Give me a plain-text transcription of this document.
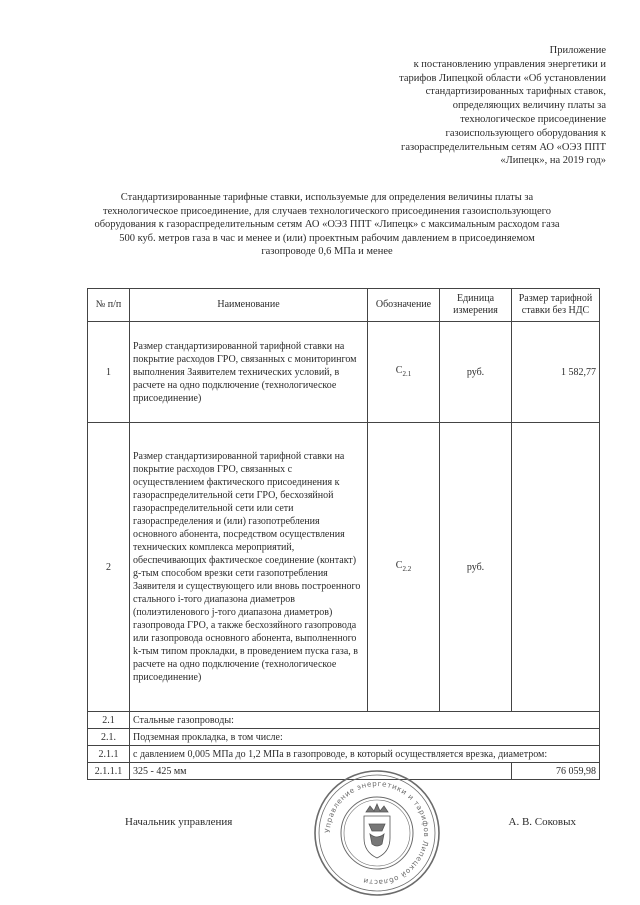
Приложение
к постановлению управления энергетики и
тарифов Липецкой области «Об установлении
стандартизированных тарифных ставок,
определяющих величину платы за
технологическое присоединение
газоиспользующего оборудования к
газораспределительным сетям АО «ОЭЗ ППТ
«Липецк», на 2019 год»
Стандартизированные тарифные ставки, используемые для определения величины платы за технологическое присоединение, для случаев технологического присоединения газоиспользующего оборудования к газораспределительным сетям АО «ОЭЗ ППТ «Липецк» с максимальным расходом газа 500 куб. метров газа в час и менее и (или) проектным рабочим давлением в присоединяемом газопроводе 0,6 МПа и менее
№ п/п	Наименование	Обозначение	Единица измерения	Размер тарифной ставки без НДС
1	Размер стандартизированной тарифной ставки на покрытие расходов ГРО, связанных с мониторингом выполнения Заявителем технических условий, в расчете на одно подключение (технологическое присоединение)	$С_{2.1}$	руб.	1 582,77
2	Размер стандартизированной тарифной ставки на покрытие расходов ГРО, связанных с осуществлением фактического присоединения к газораспределительной сети ГРО, бесхозяйной газораспределительной сети или сети газораспределения и (или) газопотребления основного абонента, посредством осуществления технических комплекса мероприятий, обеспечивающих фактическое соединение (контакт) g-тым способом врезки сети газопотребления Заявителя и существующего или вновь построенного стального i-того диапазона диаметров (полиэтиленового j-того диапазона диаметров) газопровода ГРО, а также бесхозяйного газопровода или газопровода основного абонента, выполненного k-тым типом прокладки, в проведением пуска газа, в расчете на одно подключение (технологическое присоединение)	$С_{2.2}$	руб.	
2.1	Стальные газопроводы:			
2.1.	Подземная прокладка, в том числе:			
2.1.1	с давлением 0,005 МПа до 1,2 МПа в газопроводе, в который осуществляется врезка, диаметром:			
2.1.1.1	325 - 425 мм			76 059,98
Начальник управления
Управление энергетики и тарифов Липецкой области
А. В. Соковых
